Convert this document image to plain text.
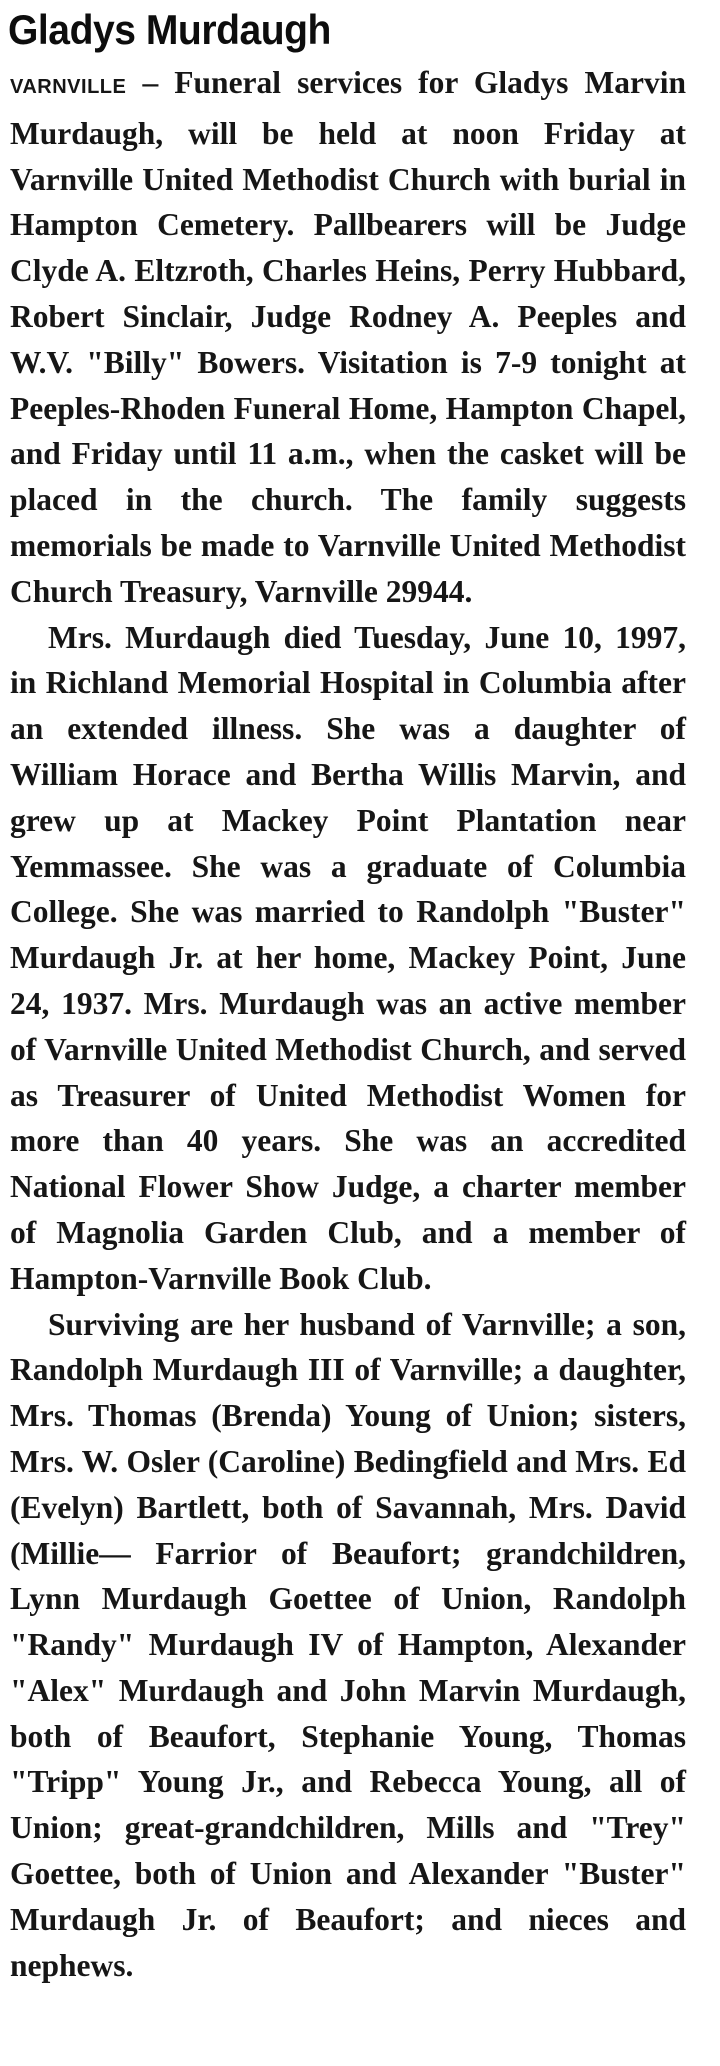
Gladys Murdaugh

VARNVILLE – Funeral services for Gladys Marvin Murdaugh, will be held at noon Friday at Varnville United Methodist Church with burial in Hampton Cemetery. Pallbearers will be Judge Clyde A. Eltzroth, Charles Heins, Perry Hubbard, Robert Sinclair, Judge Rodney A. Peeples and W.V. "Billy" Bowers. Visitation is 7-9 tonight at Peeples-Rhoden Funeral Home, Hampton Chapel, and Friday until 11 a.m., when the casket will be placed in the church. The family suggests memorials be made to Varnville United Methodist Church Treasury, Varnville 29944.

Mrs. Murdaugh died Tuesday, June 10, 1997, in Richland Memorial Hospital in Columbia after an extended illness. She was a daughter of William Horace and Bertha Willis Marvin, and grew up at Mackey Point Plantation near Yemmassee. She was a graduate of Columbia College. She was married to Randolph "Buster" Murdaugh Jr. at her home, Mackey Point, June 24, 1937. Mrs. Murdaugh was an active member of Varnville United Methodist Church, and served as Treasurer of United Methodist Women for more than 40 years. She was an accredited National Flower Show Judge, a charter member of Magnolia Garden Club, and a member of Hampton-Varnville Book Club.

Surviving are her husband of Varnville; a son, Randolph Murdaugh III of Varnville; a daughter, Mrs. Thomas (Brenda) Young of Union; sisters, Mrs. W. Osler (Caroline) Bedingfield and Mrs. Ed (Evelyn) Bartlett, both of Savannah, Mrs. David (Millie— Farrior of Beaufort; grandchildren, Lynn Murdaugh Goettee of Union, Randolph "Randy" Murdaugh IV of Hampton, Alexander "Alex" Murdaugh and John Marvin Murdaugh, both of Beaufort, Stephanie Young, Thomas "Tripp" Young Jr., and Rebecca Young, all of Union; great-grandchildren, Mills and "Trey" Goettee, both of Union and Alexander "Buster" Murdaugh Jr. of Beaufort; and nieces and nephews.
